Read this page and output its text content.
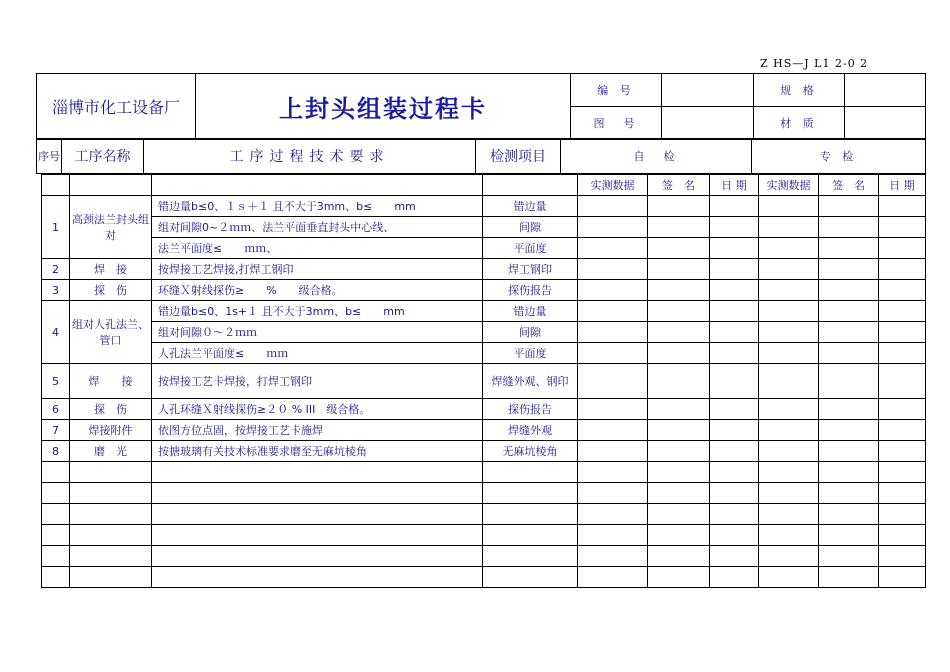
Z HS—J L1 2-0 2
淄博市化工设备厂	上封头组装过程卡	编 号		规 格	
		图　号		材 质	
序号	工序名称	工序过程技术要求	检测项目	自　检	专 检
				实测数据	签　名	日 期	实测数据	签　名	日 期
1	高颈法兰封头组对	错边量b≤0、１ｓ＋１ 且不大于3mm、b≤　　mm	错边量						
		组对间隙0~２ｍｍ、法兰平面垂直封头中心线、	间隙						
		法兰平面度≤　　ｍｍ、	平面度						
2	焊　接	按焊接工艺焊接,打焊工钢印	焊工钢印						
3	探　伤	环缝Ｘ射线探伤≥　　%　　级合格。	探伤报告						
4	组对人孔法兰、管口	错边量b≤0、1s+１ 且不大于3mm、b≤　　mm	错边量						
		组对间隙０～２ｍｍ	间隙						
		人孔法兰平面度≤　　ｍｍ	平面度						
5	焊　　接	按焊接工艺卡焊接，打焊工钢印	焊缝外观、钢印						
6	探　伤	人孔环缝Ｘ射线探伤≥２０ % III　级合格。	探伤报告						
7	焊接附件	依图方位点固，按焊接工艺卡施焊	焊缝外观						
8	磨　光	按搪玻璃有关技术标准要求磨至无麻坑棱角	无麻坑棱角						
